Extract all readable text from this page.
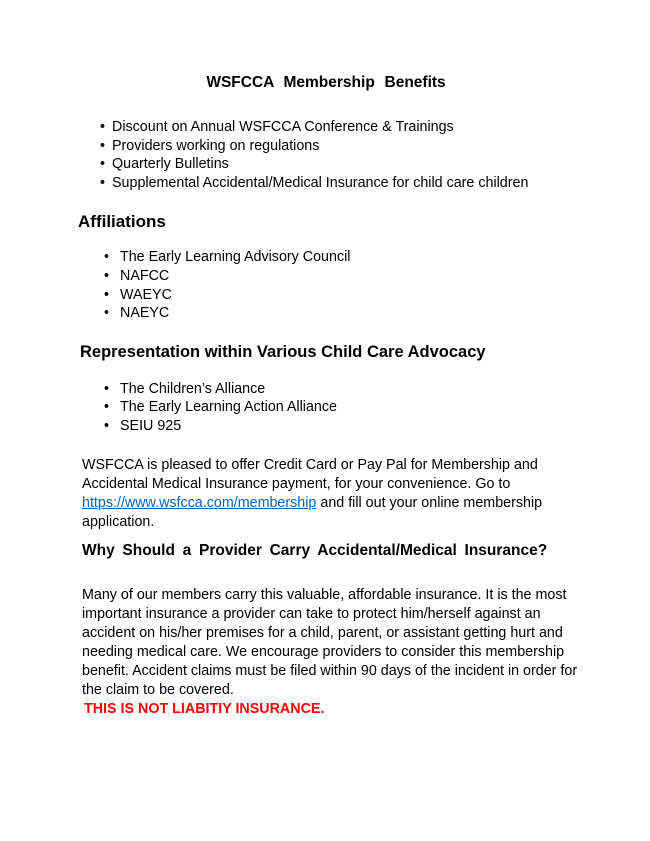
WSFCCA Membership Benefits
• Discount on Annual WSFCCA Conference & Trainings
• Providers working on regulations
• Quarterly Bulletins
• Supplemental Accidental/Medical Insurance for child care children
Affiliations
• The Early Learning Advisory Council
• NAFCC
• WAEYC
• NAEYC
Representation within Various Child Care Advocacy
• The Children’s Alliance
• The Early Learning Action Alliance
• SEIU 925

WSFCCA is pleased to offer Credit Card or Pay Pal for Membership and Accidental Medical Insurance payment, for your convenience. Go to https://www.wsfcca.com/membership and fill out your online membership application.

Why Should a Provider Carry Accidental/Medical Insurance?

Many of our members carry this valuable, affordable insurance. It is the most important insurance a provider can take to protect him/herself against an accident on his/her premises for a child, parent, or assistant getting hurt and needing medical care. We encourage providers to consider this membership benefit. Accident claims must be filed within 90 days of the incident in order for the claim to be covered.

THIS IS NOT LIABITIY INSURANCE.
